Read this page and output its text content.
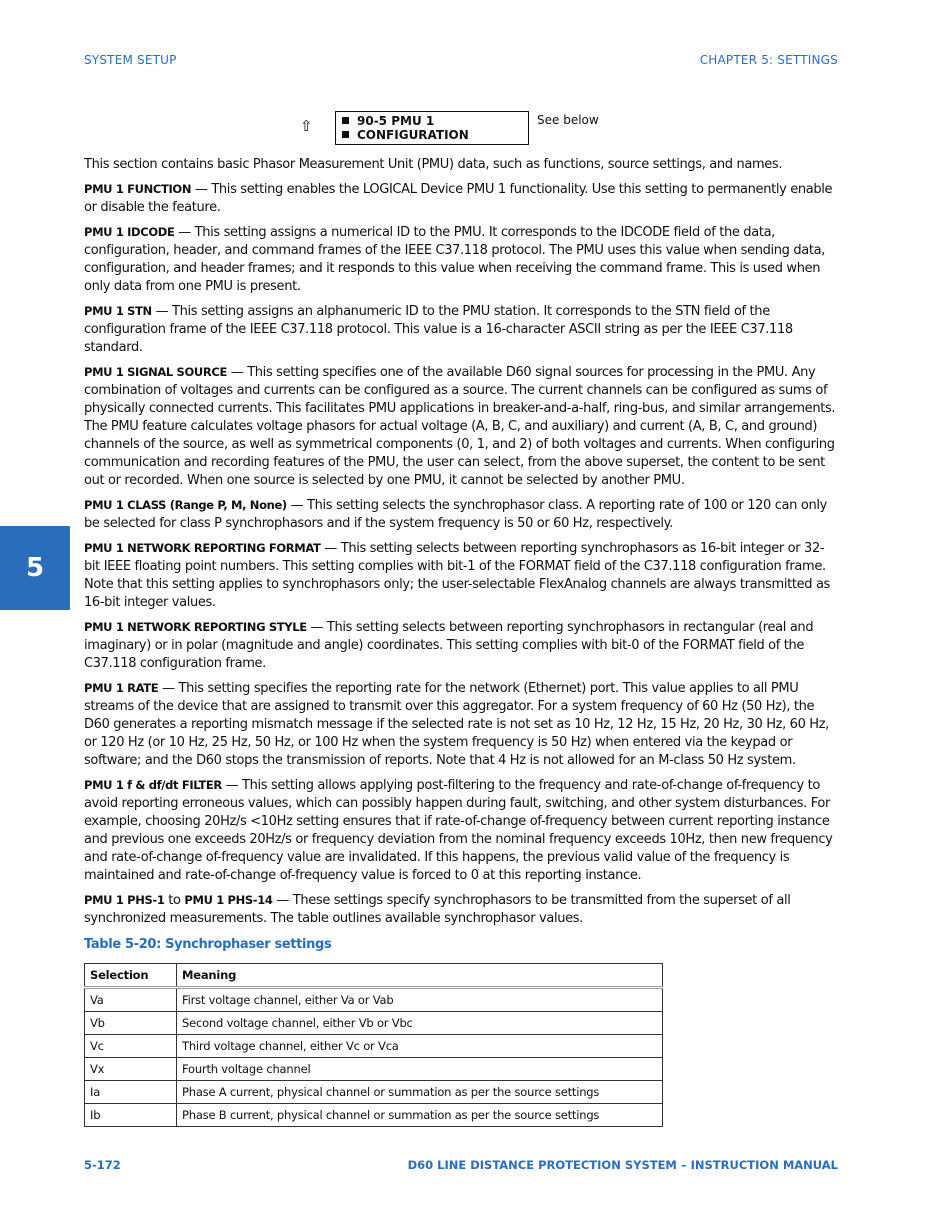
SYSTEM SETUP	CHAPTER 5: SETTINGS
⇧	90-5 PMU 1
CONFIGURATION
See below

This section contains basic Phasor Measurement Unit (PMU) data, such as functions, source settings, and names.

PMU 1 FUNCTION — This setting enables the LOGICAL Device PMU 1 functionality. Use this setting to permanently enable or disable the feature.

PMU 1 IDCODE — This setting assigns a numerical ID to the PMU. It corresponds to the IDCODE field of the data, configuration, header, and command frames of the IEEE C37.118 protocol. The PMU uses this value when sending data, configuration, and header frames; and it responds to this value when receiving the command frame. This is used when only data from one PMU is present.

PMU 1 STN — This setting assigns an alphanumeric ID to the PMU station. It corresponds to the STN field of the configuration frame of the IEEE C37.118 protocol. This value is a 16-character ASCII string as per the IEEE C37.118 standard.

PMU 1 SIGNAL SOURCE — This setting specifies one of the available D60 signal sources for processing in the PMU. Any combination of voltages and currents can be configured as a source. The current channels can be configured as sums of physically connected currents. This facilitates PMU applications in breaker-and-a-half, ring-bus, and similar arrangements. The PMU feature calculates voltage phasors for actual voltage (A, B, C, and auxiliary) and current (A, B, C, and ground) channels of the source, as well as symmetrical components (0, 1, and 2) of both voltages and currents. When configuring communication and recording features of the PMU, the user can select, from the above superset, the content to be sent out or recorded. When one source is selected by one PMU, it cannot be selected by another PMU.

PMU 1 CLASS (Range P, M, None) — This setting selects the synchrophasor class. A reporting rate of 100 or 120 can only be selected for class P synchrophasors and if the system frequency is 50 or 60 Hz, respectively.

PMU 1 NETWORK REPORTING FORMAT — This setting selects between reporting synchrophasors as 16-bit integer or 32-bit IEEE floating point numbers. This setting complies with bit-1 of the FORMAT field of the C37.118 configuration frame. Note that this setting applies to synchrophasors only; the user-selectable FlexAnalog channels are always transmitted as 16-bit integer values.

PMU 1 NETWORK REPORTING STYLE — This setting selects between reporting synchrophasors in rectangular (real and imaginary) or in polar (magnitude and angle) coordinates. This setting complies with bit-0 of the FORMAT field of the C37.118 configuration frame.

PMU 1 RATE — This setting specifies the reporting rate for the network (Ethernet) port. This value applies to all PMU streams of the device that are assigned to transmit over this aggregator. For a system frequency of 60 Hz (50 Hz), the D60 generates a reporting mismatch message if the selected rate is not set as 10 Hz, 12 Hz, 15 Hz, 20 Hz, 30 Hz, 60 Hz, or 120 Hz (or 10 Hz, 25 Hz, 50 Hz, or 100 Hz when the system frequency is 50 Hz) when entered via the keypad or software; and the D60 stops the transmission of reports. Note that 4 Hz is not allowed for an M-class 50 Hz system.

PMU 1 f & df/dt FILTER — This setting allows applying post-filtering to the frequency and rate-of-change of-frequency to avoid reporting erroneous values, which can possibly happen during fault, switching, and other system disturbances. For example, choosing 20Hz/s <10Hz setting ensures that if rate-of-change of-frequency between current reporting instance and previous one exceeds 20Hz/s or frequency deviation from the nominal frequency exceeds 10Hz, then new frequency and rate-of-change of-frequency value are invalidated. If this happens, the previous valid value of the frequency is maintained and rate-of-change of-frequency value is forced to 0 at this reporting instance.

PMU 1 PHS-1 to PMU 1 PHS-14 — These settings specify synchrophasors to be transmitted from the superset of all synchronized measurements. The table outlines available synchrophasor values.

Table 5-20: Synchrophaser settings
Selection	Meaning
Va	First voltage channel, either Va or Vab
Vb	Second voltage channel, either Vb or Vbc
Vc	Third voltage channel, either Vc or Vca
Vx	Fourth voltage channel
Ia	Phase A current, physical channel or summation as per the source settings
Ib	Phase B current, physical channel or summation as per the source settings
5
5-172	D60 LINE DISTANCE PROTECTION SYSTEM – INSTRUCTION MANUAL
